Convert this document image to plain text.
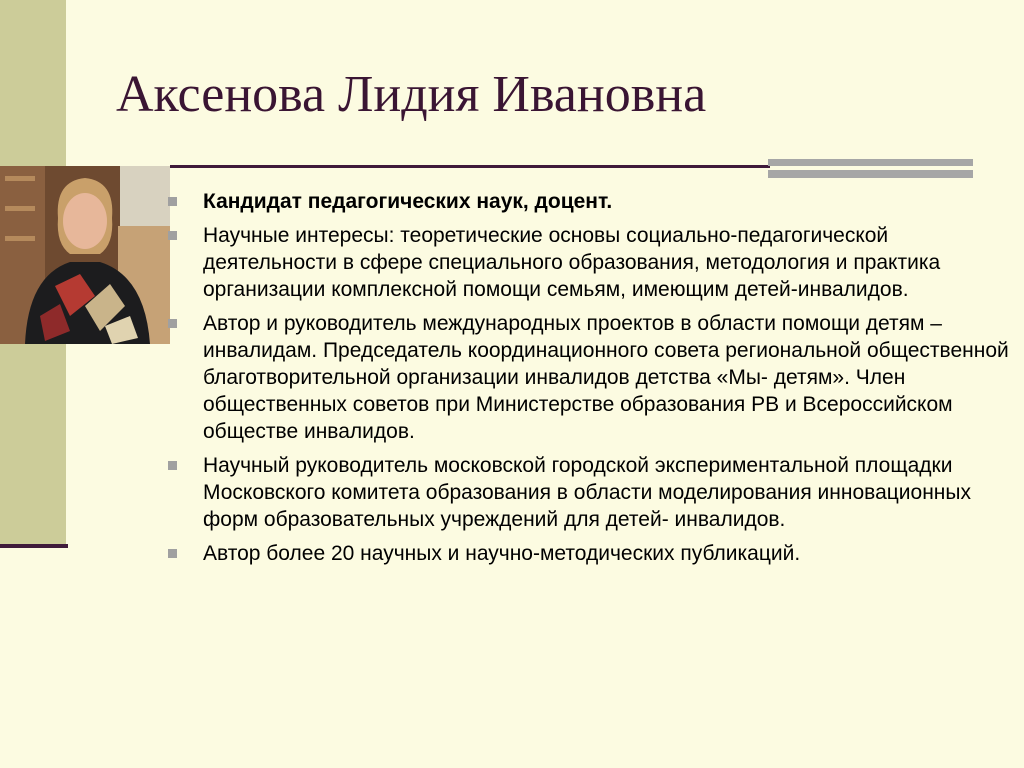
Аксенова Лидия Ивановна
Кандидат педагогических наук, доцент.
Научные интересы: теоретические основы социально-педагогической деятельности в сфере специального образования, методология и практика организации комплексной помощи семьям, имеющим детей-инвалидов.
Автор и руководитель международных проектов в области помощи детям – инвалидам. Председатель координационного совета региональной общественной благотворительной организации инвалидов детства «Мы- детям». Член общественных советов при Министерстве образования РВ и Всероссийском обществе инвалидов.
Научный руководитель московской городской экспериментальной площадки Московского комитета образования в области моделирования инновационных форм образовательных учреждений для детей- инвалидов.
Автор более 20 научных и научно-методических публикаций.
